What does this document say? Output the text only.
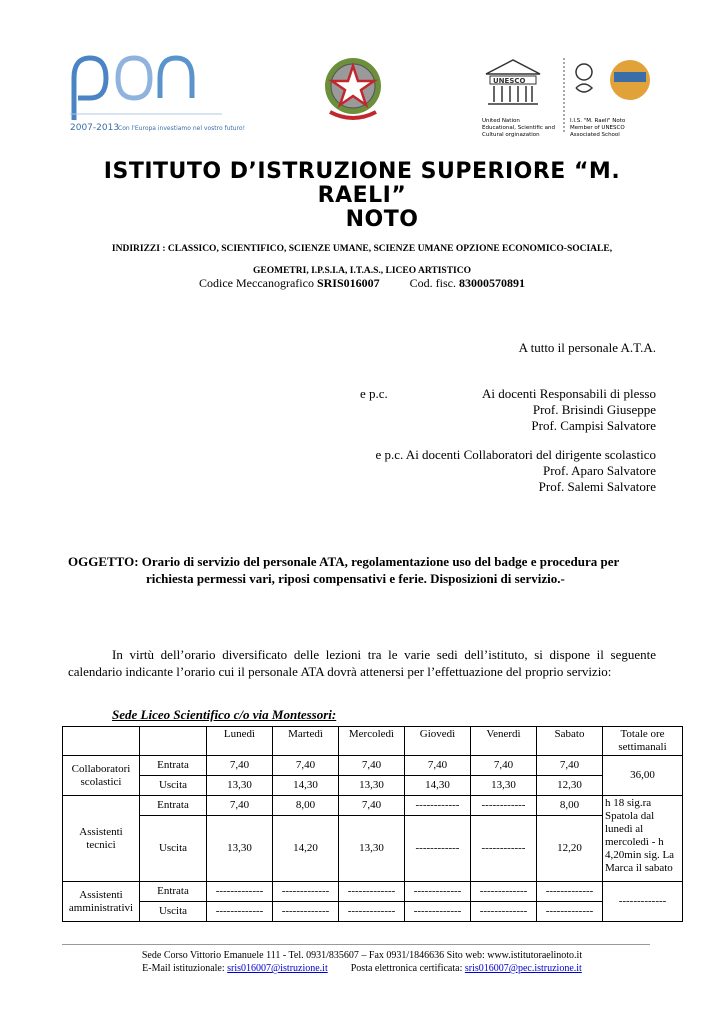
2007-2013
Con l'Europa investiamo nel vostro futuro!
UNESCO
United Nation
Educational, Scientific and
Cultural orginazation
I.I.S. "M. Raeli" Noto
Member of UNESCO
Associated School
ISTITUTO D’ISTRUZIONE SUPERIORE “M.
RAELI”
NOTO
INDIRIZZI : CLASSICO, SCIENTIFICO, SCIENZE UMANE, SCIENZE UMANE OPZIONE ECONOMICO-SOCIALE,
GEOMETRI, I.P.S.I.A, I.T.A.S., LICEO ARTISTICO
Codice Meccanografico SRIS016007	Cod. fisc. 83000570891
A tutto il personale A.T.A.
e p.c.	Ai docenti Responsabili di plesso
Prof. Brisindi Giuseppe
Prof. Campisi Salvatore
e p.c. Ai docenti Collaboratori del dirigente scolastico
Prof. Aparo Salvatore
Prof. Salemi Salvatore
OGGETTO: Orario di servizio del personale ATA, regolamentazione uso del badge e procedura per
richiesta permessi vari, riposi compensativi e ferie. Disposizioni di servizio.-
In virtù dell’orario diversificato delle lezioni tra le varie sedi dell’istituto, si dispone il seguente calendario indicante l’orario cui il personale ATA dovrà attenersi per l’effettuazione del proprio servizio:
Sede Liceo Scientifico c/o via Montessori:
		Lunedì	Martedì	Mercoledì	Giovedì	Venerdì	Sabato	Totale ore settimanali
Collaboratori scolastici	Entrata	7,40	7,40	7,40	7,40	7,40	7,40	36,00
	Uscita	13,30	14,30	13,30	14,30	13,30	12,30	
Assistenti tecnici	Entrata	7,40	8,00	7,40	------------	------------	8,00	h 18 sig.ra Spatola dal lunedì al mercoledì - h 4,20min sig. La Marca il sabato
	Uscita	13,30	14,20	13,30	------------	------------	12,20	
Assistenti amministrativi	Entrata	-------------	-------------	-------------	-------------	-------------	-------------	-------------
	Uscita	-------------	-------------	-------------	-------------	-------------	-------------	
Sede Corso Vittorio Emanuele 111 - Tel. 0931/835607 – Fax 0931/1846636 Sito web: www.istitutoraelinoto.it
E-Mail istituzionale: sris016007@istruzione.it Posta elettronica certificata: sris016007@pec.istruzione.it
